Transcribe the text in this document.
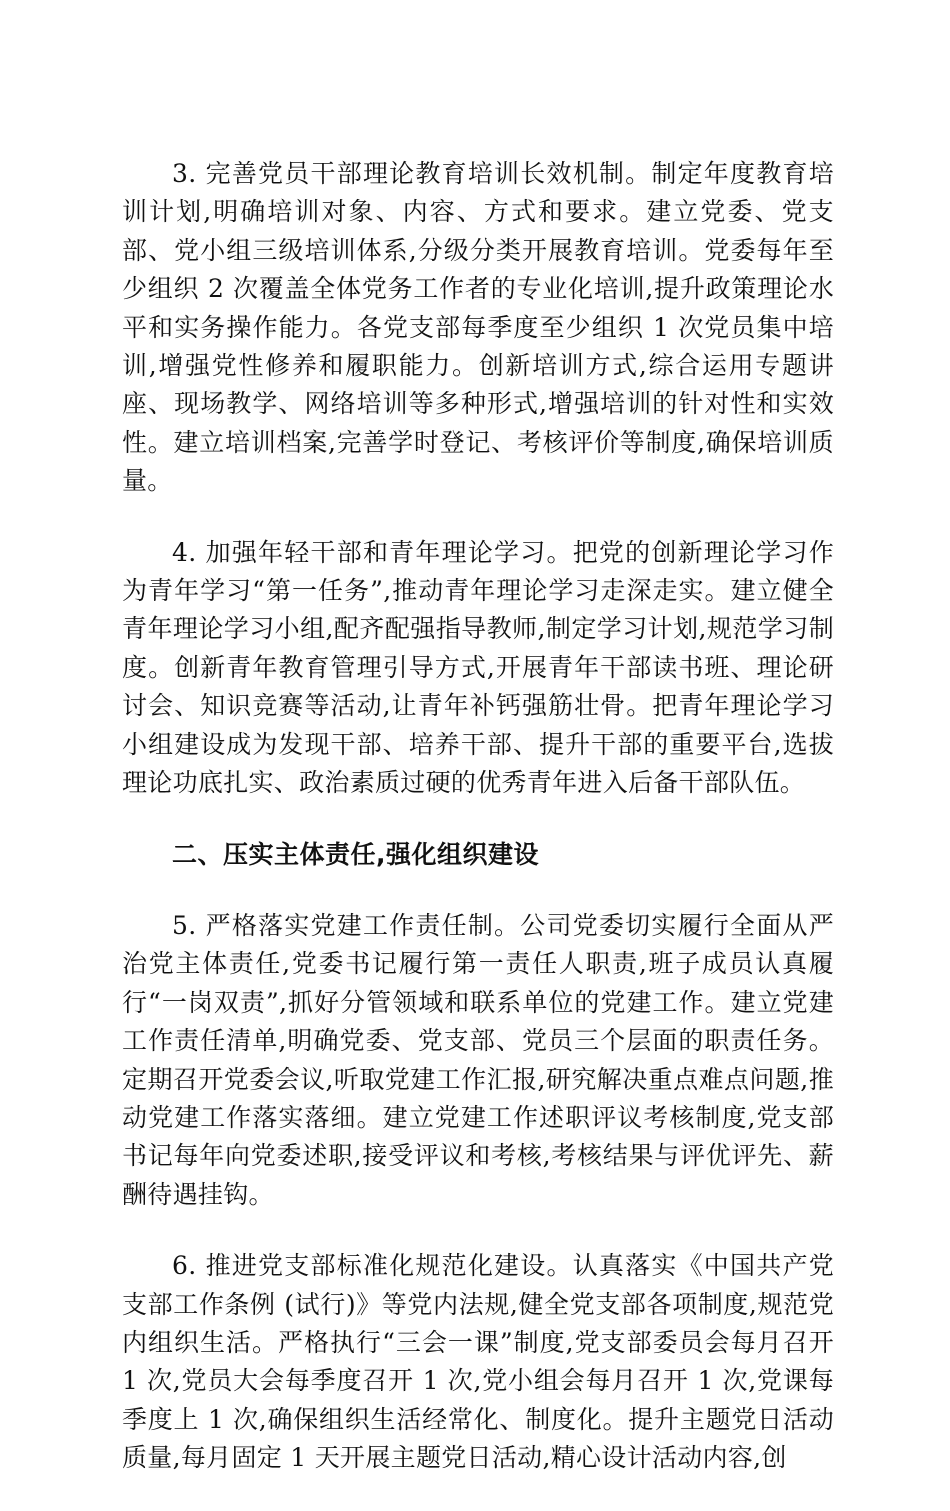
3. 完善党员干部理论教育培训长效机制。制定年度教育培训计划,明确培训对象、内容、方式和要求。建立党委、党支部、党小组三级培训体系,分级分类开展教育培训。党委每年至少组织 2 次覆盖全体党务工作者的专业化培训,提升政策理论水平和实务操作能力。各党支部每季度至少组织 1 次党员集中培训,增强党性修养和履职能力。创新培训方式,综合运用专题讲座、现场教学、网络培训等多种形式,增强培训的针对性和实效性。建立培训档案,完善学时登记、考核评价等制度,确保培训质量。

4. 加强年轻干部和青年理论学习。把党的创新理论学习作为青年学习“第一任务”,推动青年理论学习走深走实。建立健全青年理论学习小组,配齐配强指导教师,制定学习计划,规范学习制度。创新青年教育管理引导方式,开展青年干部读书班、理论研讨会、知识竞赛等活动,让青年补钙强筋壮骨。把青年理论学习小组建设成为发现干部、培养干部、提升干部的重要平台,选拔理论功底扎实、政治素质过硬的优秀青年进入后备干部队伍。

二、压实主体责任,强化组织建设

5. 严格落实党建工作责任制。公司党委切实履行全面从严治党主体责任,党委书记履行第一责任人职责,班子成员认真履行“一岗双责”,抓好分管领域和联系单位的党建工作。建立党建工作责任清单,明确党委、党支部、党员三个层面的职责任务。定期召开党委会议,听取党建工作汇报,研究解决重点难点问题,推动党建工作落实落细。建立党建工作述职评议考核制度,党支部书记每年向党委述职,接受评议和考核,考核结果与评优评先、薪酬待遇挂钩。

6. 推进党支部标准化规范化建设。认真落实《中国共产党支部工作条例 (试行)》等党内法规,健全党支部各项制度,规范党内组织生活。严格执行“三会一课”制度,党支部委员会每月召开 1 次,党员大会每季度召开 1 次,党小组会每月召开 1 次,党课每季度上 1 次,确保组织生活经常化、制度化。提升主题党日活动质量,每月固定 1 天开展主题党日活动,精心设计活动内容,创
